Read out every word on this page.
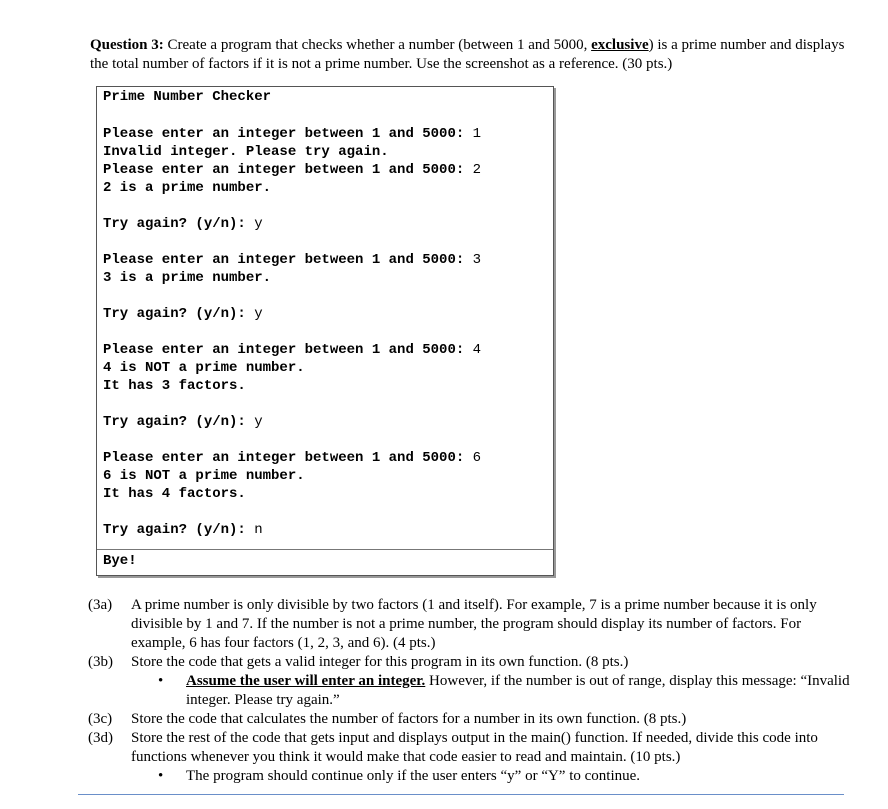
Question 3: Create a program that checks whether a number (between 1 and 5000, exclusive) is a prime number and displays the total number of factors if it is not a prime number. Use the screenshot as a reference. (30 pts.)
Prime Number Checker
Please enter an integer between 1 and 5000: 1
Invalid integer. Please try again.
Please enter an integer between 1 and 5000: 2
2 is a prime number.
Try again? (y/n): y
Please enter an integer between 1 and 5000: 3
3 is a prime number.
Try again? (y/n): y
Please enter an integer between 1 and 5000: 4
4 is NOT a prime number.
It has 3 factors.
Try again? (y/n): y
Please enter an integer between 1 and 5000: 6
6 is NOT a prime number.
It has 4 factors.
Try again? (y/n): n
Bye!
(3a)	A prime number is only divisible by two factors (1 and itself). For example, 7 is a prime number because it is only divisible by 1 and 7. If the number is not a prime number, the program should display its number of factors. For example, 6 has four factors (1, 2, 3, and 6). (4 pts.)
(3b)	Store the code that gets a valid integer for this program in its own function. (8 pts.)
•	Assume the user will enter an integer. However, if the number is out of range, display this message: “Invalid integer. Please try again.”
(3c)	Store the code that calculates the number of factors for a number in its own function. (8 pts.)
(3d)	Store the rest of the code that gets input and displays output in the main() function. If needed, divide this code into functions whenever you think it would make that code easier to read and maintain. (10 pts.)
•	The program should continue only if the user enters “y” or “Y” to continue.
